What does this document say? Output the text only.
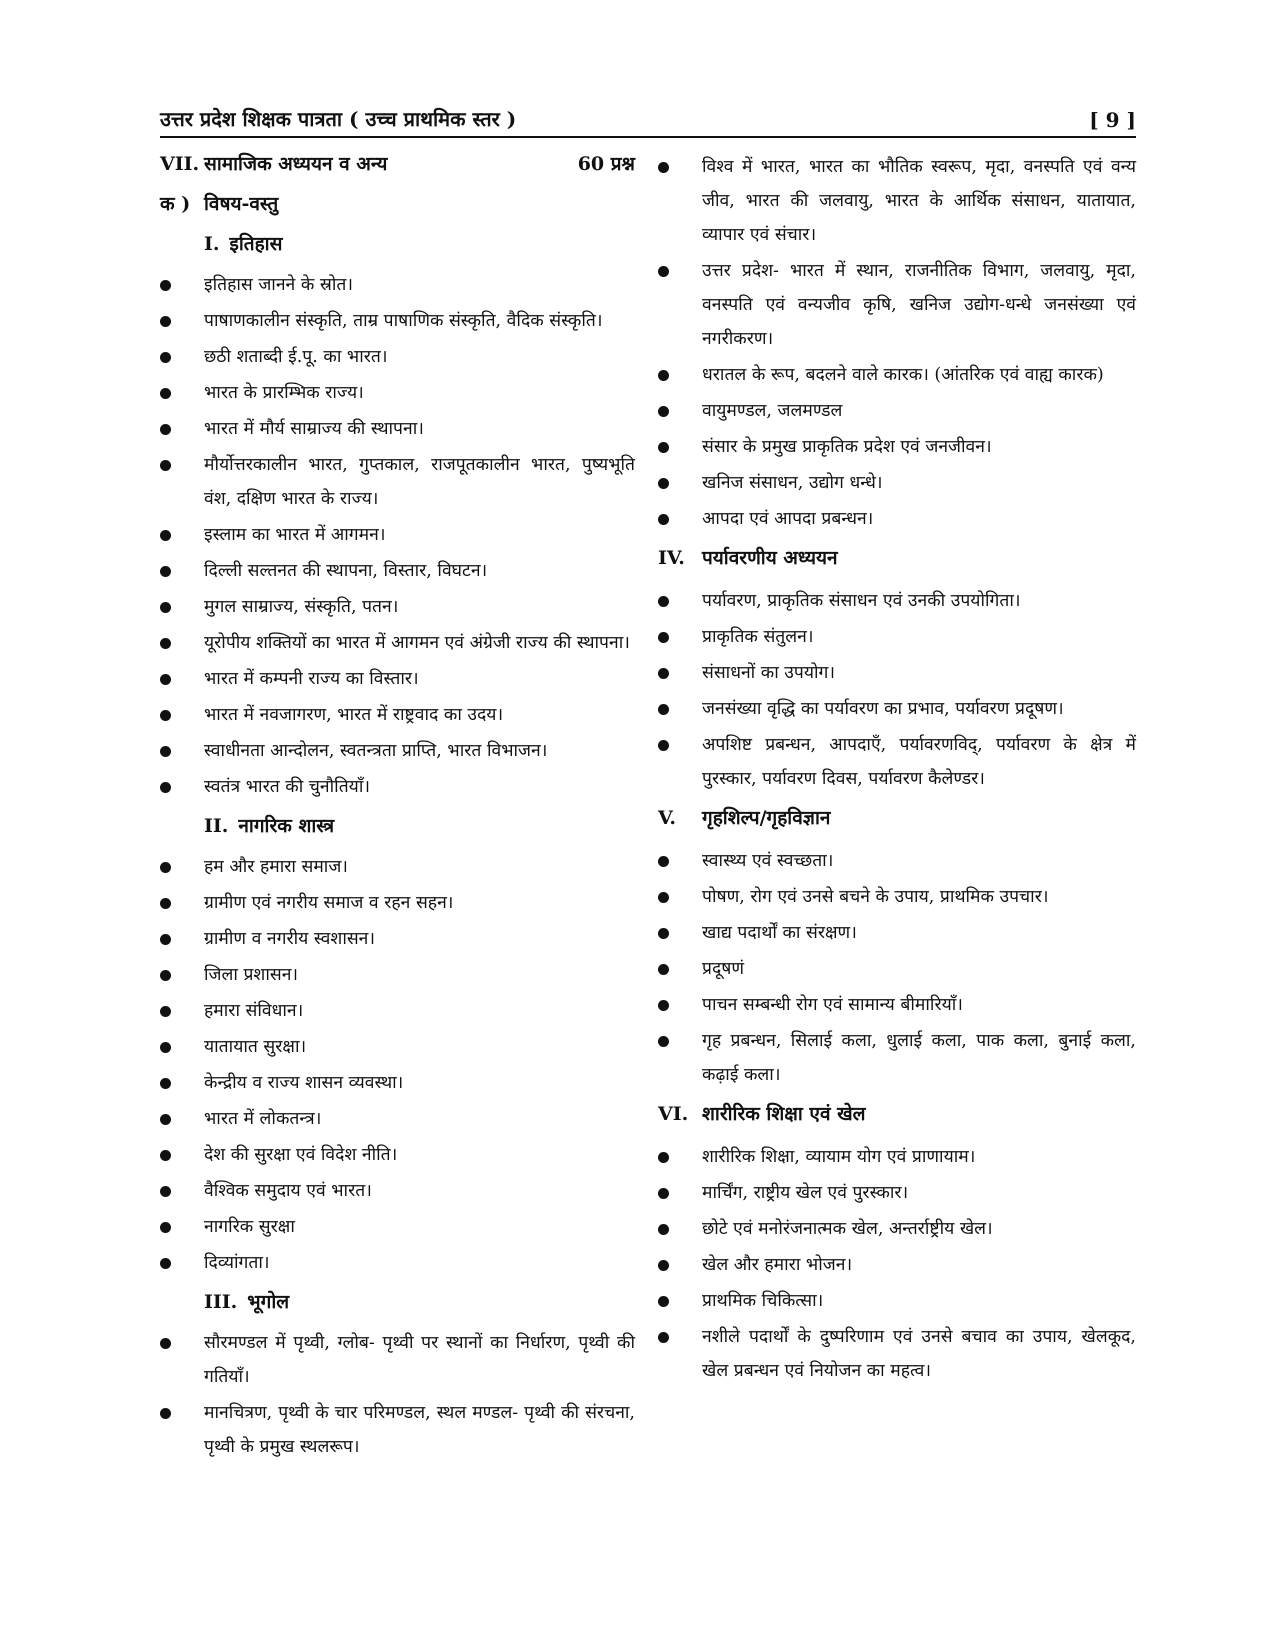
उत्तर प्रदेश शिक्षक पात्रता ( उच्च प्राथमिक स्तर )	[ 9 ]
VII. सामाजिक अध्ययन व अन्य	60 प्रश्न
क ) विषय-वस्तु
I. इतिहास
इतिहास जानने के स्रोत।
पाषाणकालीन संस्कृति, ताम्र पाषाणिक संस्कृति, वैदिक संस्कृति।
छठी शताब्दी ई.पू. का भारत।
भारत के प्रारम्भिक राज्य।
भारत में मौर्य साम्राज्य की स्थापना।
मौर्योत्तरकालीन भारत, गुप्तकाल, राजपूतकालीन भारत, पुष्यभूति वंश, दक्षिण भारत के राज्य।
इस्लाम का भारत में आगमन।
दिल्ली सल्तनत की स्थापना, विस्तार, विघटन।
मुगल साम्राज्य, संस्कृति, पतन।
यूरोपीय शक्तियों का भारत में आगमन एवं अंग्रेजी राज्य की स्थापना।
भारत में कम्पनी राज्य का विस्तार।
भारत में नवजागरण, भारत में राष्ट्रवाद का उदय।
स्वाधीनता आन्दोलन, स्वतन्त्रता प्राप्ति, भारत विभाजन।
स्वतंत्र भारत की चुनौतियाँ।
II. नागरिक शास्त्र
हम और हमारा समाज।
ग्रामीण एवं नगरीय समाज व रहन सहन।
ग्रामीण व नगरीय स्वशासन।
जिला प्रशासन।
हमारा संविधान।
यातायात सुरक्षा।
केन्द्रीय व राज्य शासन व्यवस्था।
भारत में लोकतन्त्र।
देश की सुरक्षा एवं विदेश नीति।
वैश्विक समुदाय एवं भारत।
नागरिक सुरक्षा
दिव्यांगता।
III. भूगोल
सौरमण्डल में पृथ्वी, ग्लोब- पृथ्वी पर स्थानों का निर्धारण, पृथ्वी की गतियाँ।
मानचित्रण, पृथ्वी के चार परिमण्डल, स्थल मण्डल- पृथ्वी की संरचना, पृथ्वी के प्रमुख स्थलरूप।
विश्व में भारत, भारत का भौतिक स्वरूप, मृदा, वनस्पति एवं वन्य जीव, भारत की जलवायु, भारत के आर्थिक संसाधन, यातायात, व्यापार एवं संचार।
उत्तर प्रदेश- भारत में स्थान, राजनीतिक विभाग, जलवायु, मृदा, वनस्पति एवं वन्यजीव कृषि, खनिज उद्योग-धन्धे जनसंख्या एवं नगरीकरण।
धरातल के रूप, बदलने वाले कारक। (आंतरिक एवं वाह्य कारक)
वायुमण्डल, जलमण्डल
संसार के प्रमुख प्राकृतिक प्रदेश एवं जनजीवन।
खनिज संसाधन, उद्योग धन्धे।
आपदा एवं आपदा प्रबन्धन।
IV. पर्यावरणीय अध्ययन
पर्यावरण, प्राकृतिक संसाधन एवं उनकी उपयोगिता।
प्राकृतिक संतुलन।
संसाधनों का उपयोग।
जनसंख्या वृद्धि का पर्यावरण का प्रभाव, पर्यावरण प्रदूषण।
अपशिष्ट प्रबन्धन, आपदाएँ, पर्यावरणविद्, पर्यावरण के क्षेत्र में पुरस्कार, पर्यावरण दिवस, पर्यावरण कैलेण्डर।
V.	गृहशिल्प/गृहविज्ञान
स्वास्थ्य एवं स्वच्छता।
पोषण, रोग एवं उनसे बचने के उपाय, प्राथमिक उपचार।
खाद्य पदार्थों का संरक्षण।
प्रदूषणं
पाचन सम्बन्धी रोग एवं सामान्य बीमारियाँ।
गृह प्रबन्धन, सिलाई कला, धुलाई कला, पाक कला, बुनाई कला, कढ़ाई कला।
VI. शारीरिक शिक्षा एवं खेल
शारीरिक शिक्षा, व्यायाम योग एवं प्राणायाम।
मार्चिंग, राष्ट्रीय खेल एवं पुरस्कार।
छोटे एवं मनोरंजनात्मक खेल, अन्तर्राष्ट्रीय खेल।
खेल और हमारा भोजन।
प्राथमिक चिकित्सा।
नशीले पदार्थों के दुष्परिणाम एवं उनसे बचाव का उपाय, खेलकूद, खेल प्रबन्धन एवं नियोजन का महत्व।
